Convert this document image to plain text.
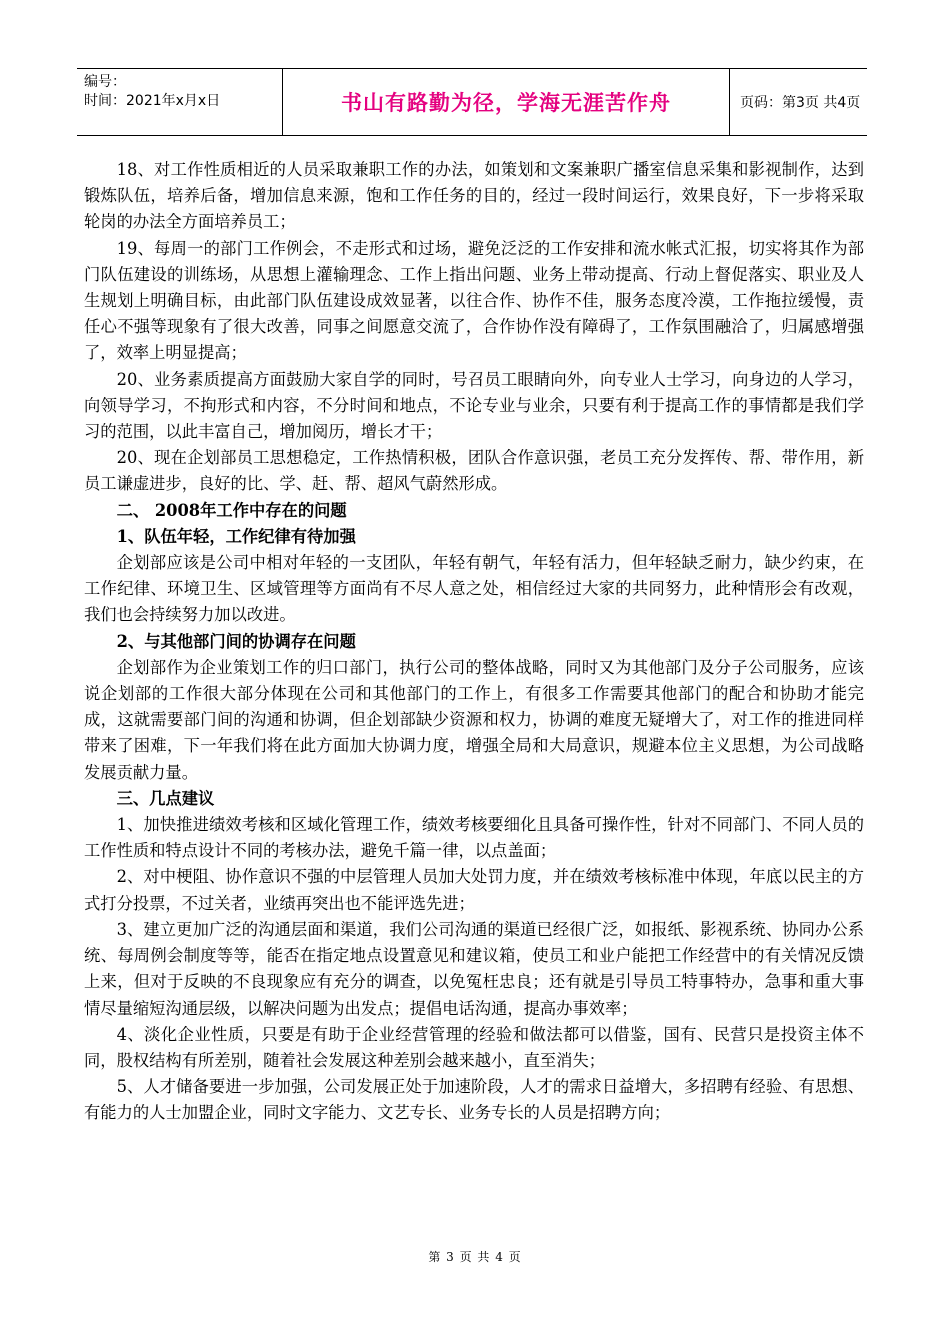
编号：
时间：2021年x月x日	书山有路勤为径，学海无涯苦作舟	页码：第3页 共4页

18、对工作性质相近的人员采取兼职工作的办法，如策划和文案兼职广播室信息采集和影视制作，达到锻炼队伍，培养后备，增加信息来源，饱和工作任务的目的，经过一段时间运行，效果良好，下一步将采取轮岗的办法全方面培养员工；

19、每周一的部门工作例会，不走形式和过场，避免泛泛的工作安排和流水帐式汇报，切实将其作为部门队伍建设的训练场，从思想上灌输理念、工作上指出问题、业务上带动提高、行动上督促落实、职业及人生规划上明确目标，由此部门队伍建设成效显著，以往合作、协作不佳，服务态度冷漠，工作拖拉缓慢，责任心不强等现象有了很大改善，同事之间愿意交流了，合作协作没有障碍了，工作氛围融洽了，归属感增强了，效率上明显提高；

20、业务素质提高方面鼓励大家自学的同时，号召员工眼睛向外，向专业人士学习，向身边的人学习，向领导学习，不拘形式和内容，不分时间和地点，不论专业与业余，只要有利于提高工作的事情都是我们学习的范围，以此丰富自己，增加阅历，增长才干；

20、现在企划部员工思想稳定，工作热情积极，团队合作意识强，老员工充分发挥传、帮、带作用，新员工谦虚进步，良好的比、学、赶、帮、超风气蔚然形成。

二、 2008年工作中存在的问题

1、队伍年轻，工作纪律有待加强

企划部应该是公司中相对年轻的一支团队，年轻有朝气，年轻有活力，但年轻缺乏耐力，缺少约束，在工作纪律、环境卫生、区域管理等方面尚有不尽人意之处，相信经过大家的共同努力，此种情形会有改观，我们也会持续努力加以改进。

2、与其他部门间的协调存在问题

企划部作为企业策划工作的归口部门，执行公司的整体战略，同时又为其他部门及分子公司服务，应该说企划部的工作很大部分体现在公司和其他部门的工作上，有很多工作需要其他部门的配合和协助才能完成，这就需要部门间的沟通和协调，但企划部缺少资源和权力，协调的难度无疑增大了，对工作的推进同样带来了困难，下一年我们将在此方面加大协调力度，增强全局和大局意识，规避本位主义思想，为公司战略发展贡献力量。

三、几点建议

1、加快推进绩效考核和区域化管理工作，绩效考核要细化且具备可操作性，针对不同部门、不同人员的工作性质和特点设计不同的考核办法，避免千篇一律，以点盖面；

2、对中梗阻、协作意识不强的中层管理人员加大处罚力度，并在绩效考核标准中体现，年底以民主的方式打分投票，不过关者，业绩再突出也不能评选先进；

3、建立更加广泛的沟通层面和渠道，我们公司沟通的渠道已经很广泛，如报纸、影视系统、协同办公系统、每周例会制度等等，能否在指定地点设置意见和建议箱，使员工和业户能把工作经营中的有关情况反馈上来，但对于反映的不良现象应有充分的调查，以免冤枉忠良；还有就是引导员工特事特办，急事和重大事情尽量缩短沟通层级，以解决问题为出发点；提倡电话沟通，提高办事效率；

4、淡化企业性质，只要是有助于企业经营管理的经验和做法都可以借鉴，国有、民营只是投资主体不同，股权结构有所差别，随着社会发展这种差别会越来越小，直至消失；

5、人才储备要进一步加强，公司发展正处于加速阶段，人才的需求日益增大，多招聘有经验、有思想、有能力的人士加盟企业，同时文字能力、文艺专长、业务专长的人员是招聘方向；

第 3 页 共 4 页
